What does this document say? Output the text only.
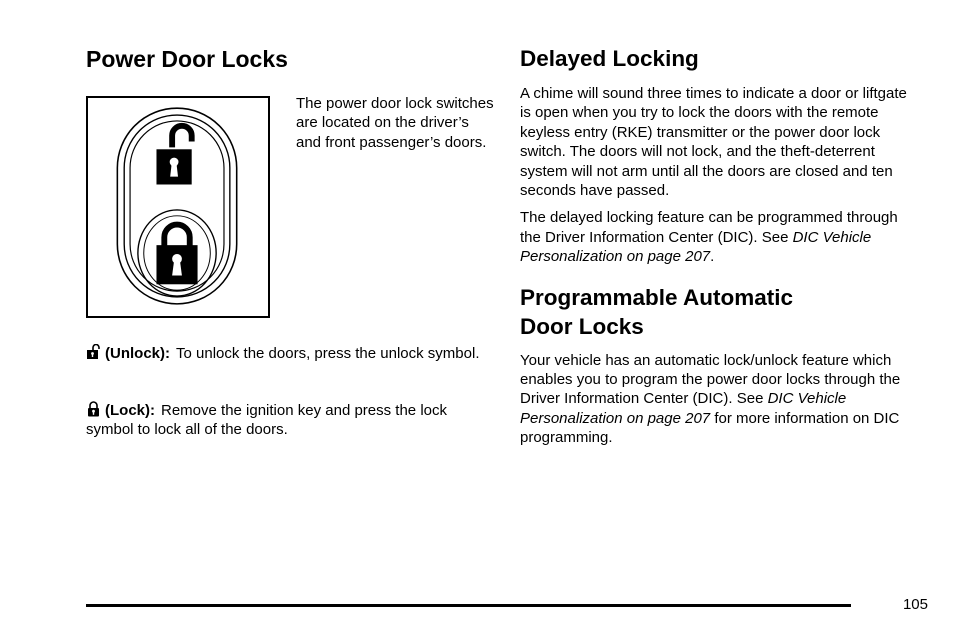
Power Door Locks

The power door lock switches are located on the driver’s and front passenger’s doors.

(Unlock): To unlock the doors, press the unlock symbol.

(Lock): Remove the ignition key and press the lock symbol to lock all of the doors.

Delayed Locking

A chime will sound three times to indicate a door or liftgate is open when you try to lock the doors with the remote keyless entry (RKE) transmitter or the power door lock switch. The doors will not lock, and the theft-deterrent system will not arm until all the doors are closed and ten seconds have passed.

The delayed locking feature can be programmed through the Driver Information Center (DIC). See DIC Vehicle Personalization on page 207.

Programmable Automatic Door Locks

Your vehicle has an automatic lock/unlock feature which enables you to program the power door locks through the Driver Information Center (DIC). See DIC Vehicle Personalization on page 207 for more information on DIC programming.

105
